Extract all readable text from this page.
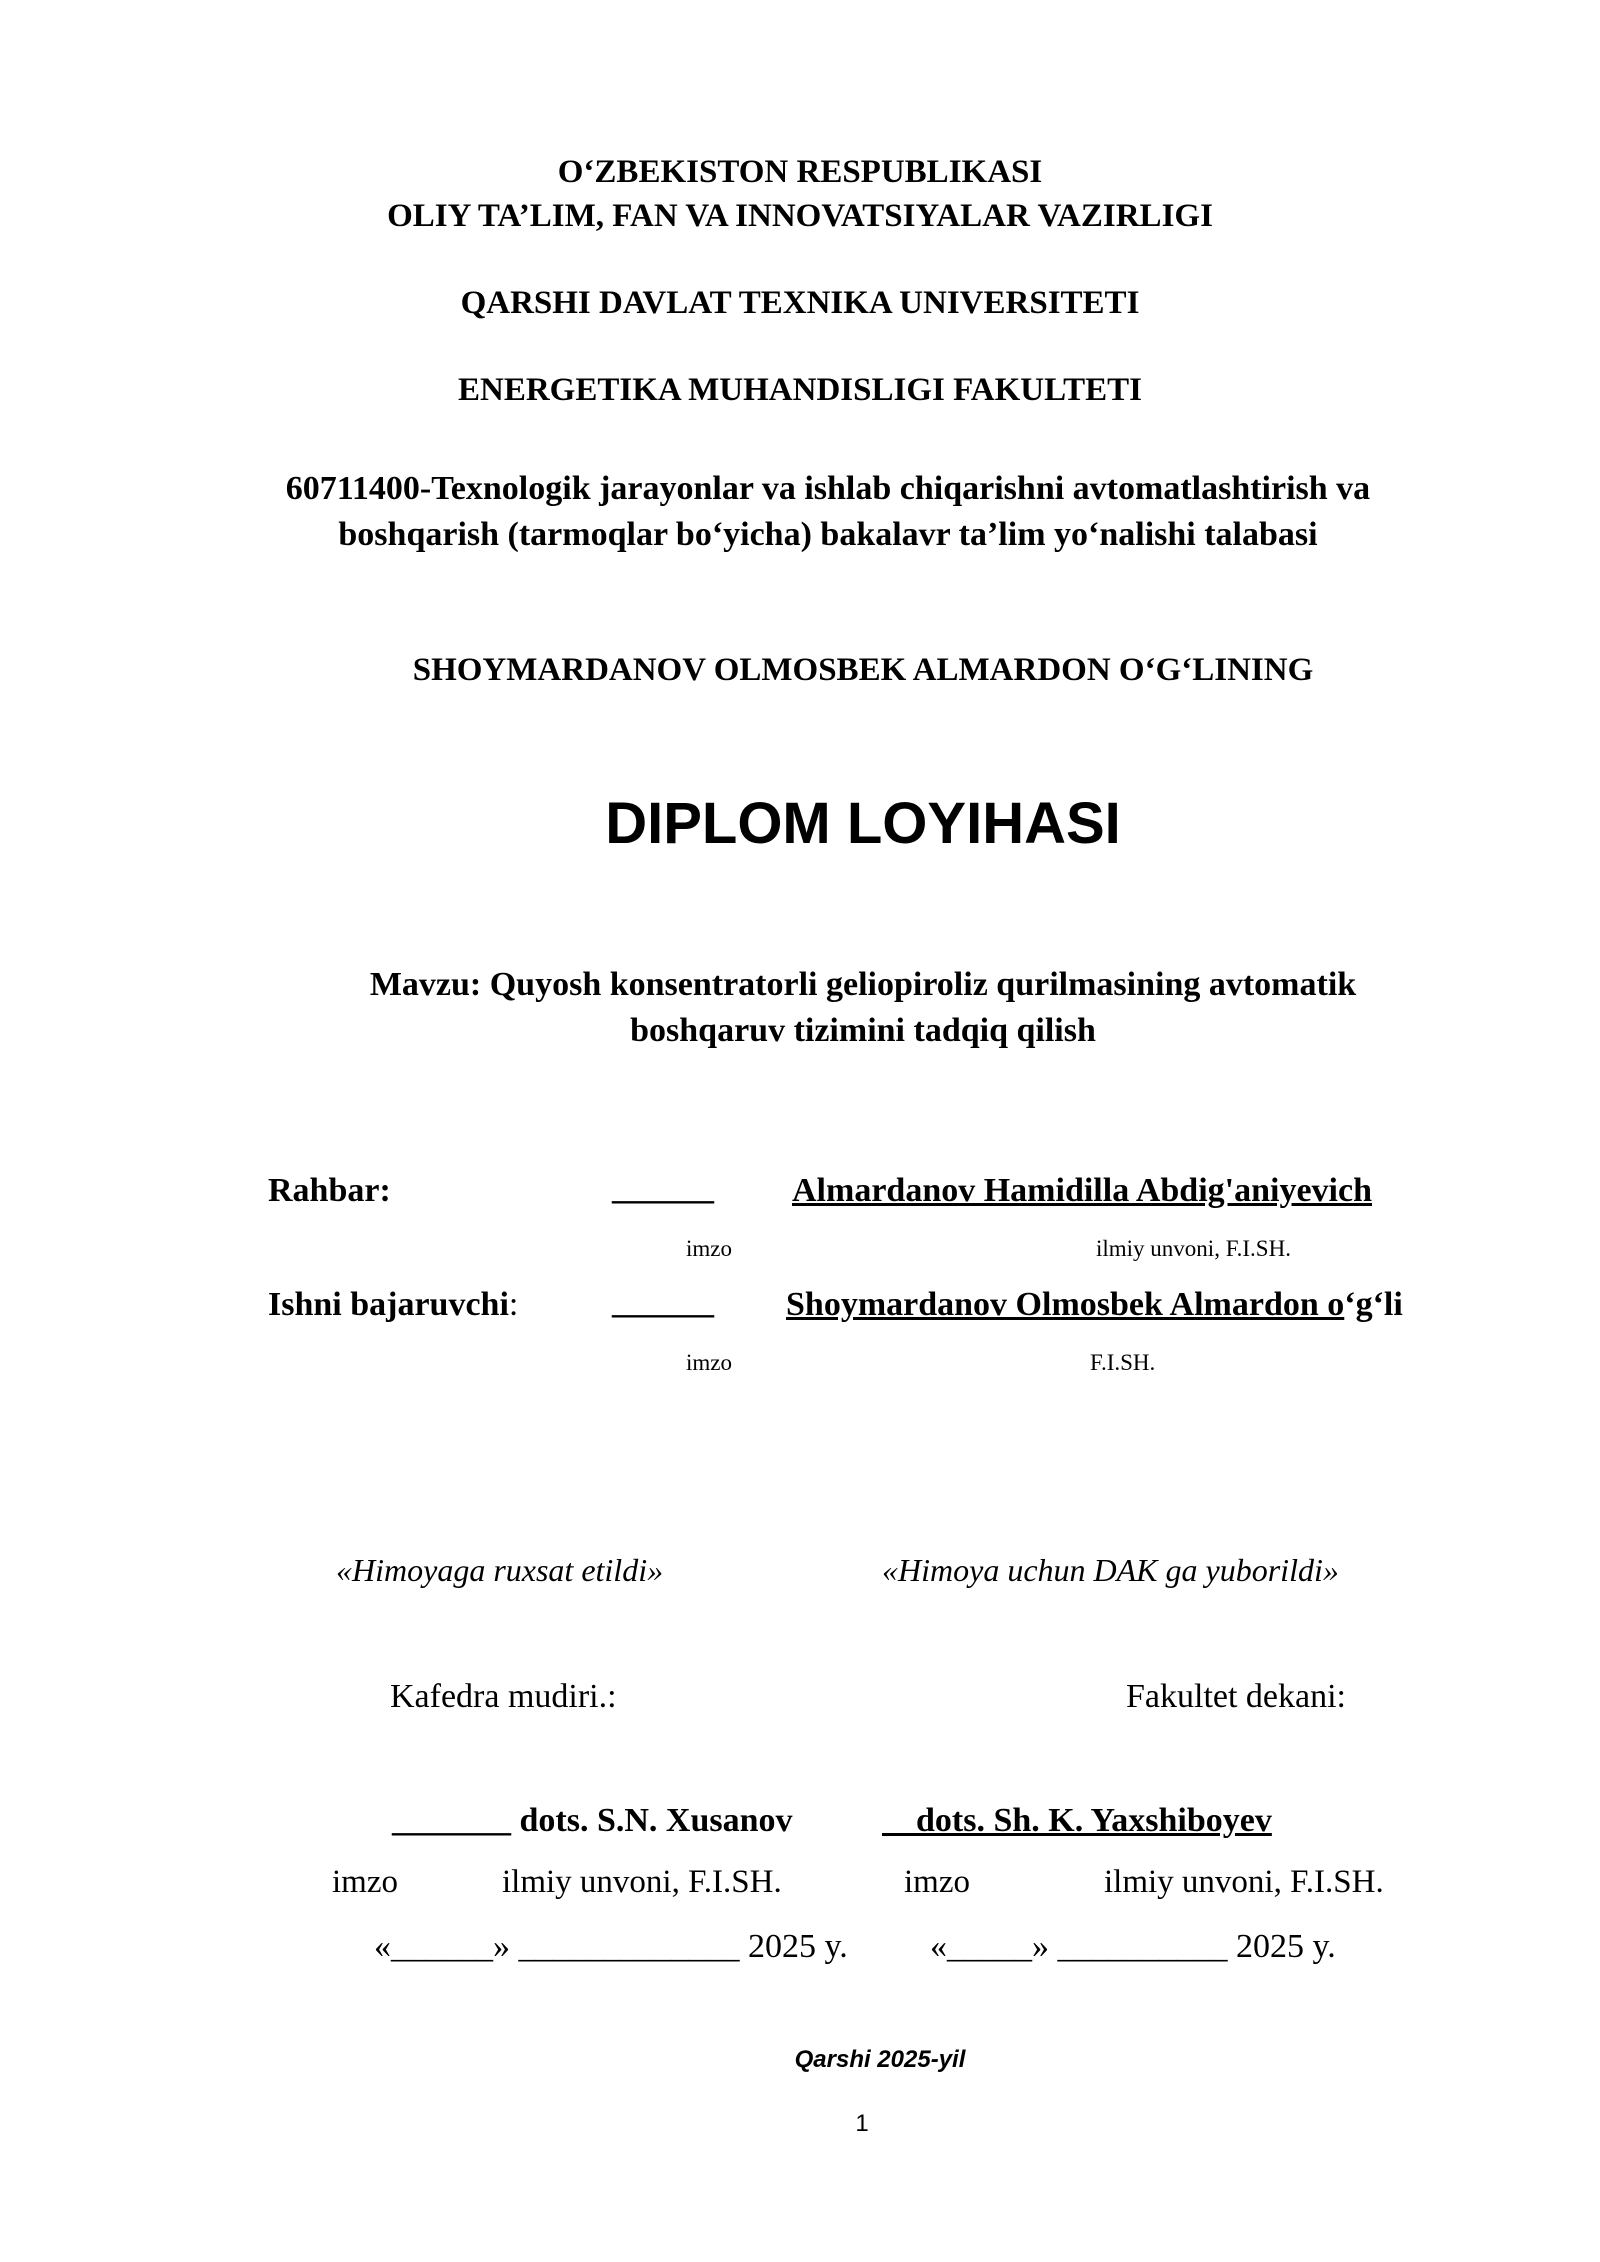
O‘ZBEKISTON RESPUBLIKASI
OLIY TA’LIM, FAN VA INNOVATSIYALAR VAZIRLIGI
QARSHI DAVLAT TEXNIKA UNIVERSITETI
ENERGETIKA MUHANDISLIGI FAKULTETI
60711400-Texnologik jarayonlar va ishlab chiqarishni avtomatlashtirish va
boshqarish (tarmoqlar bo‘yicha) bakalavr ta’lim yo‘nalishi talabasi
SHOYMARDANOV OLMOSBEK ALMARDON O‘G‘LINING
DIPLOM LOYIHASI
Mavzu: Quyosh konsentratorli geliopiroliz qurilmasining avtomatik
boshqaruv tizimini tadqiq qilish
Rahbar:	______ Almardanov Hamidilla Abdig'aniyevich
imzo	ilmiy unvoni, F.I.SH.
Ishni bajaruvchi:	______ Shoymardanov Olmosbek Almardon o‘g‘li
imzo	F.I.SH.
«Himoyaga ruxsat etildi»	«Himoya uchun DAK ga yuborildi»
Kafedra mudiri.:	Fakultet dekani:
_______ dots. S.N. Xusanov	dots. Sh. K. Yaxshiboyev
imzo	ilmiy unvoni, F.I.SH.	imzo	ilmiy unvoni, F.I.SH.
«______» _____________ 2025 y. «_____» __________ 2025 y.
Qarshi 2025-yil
1
